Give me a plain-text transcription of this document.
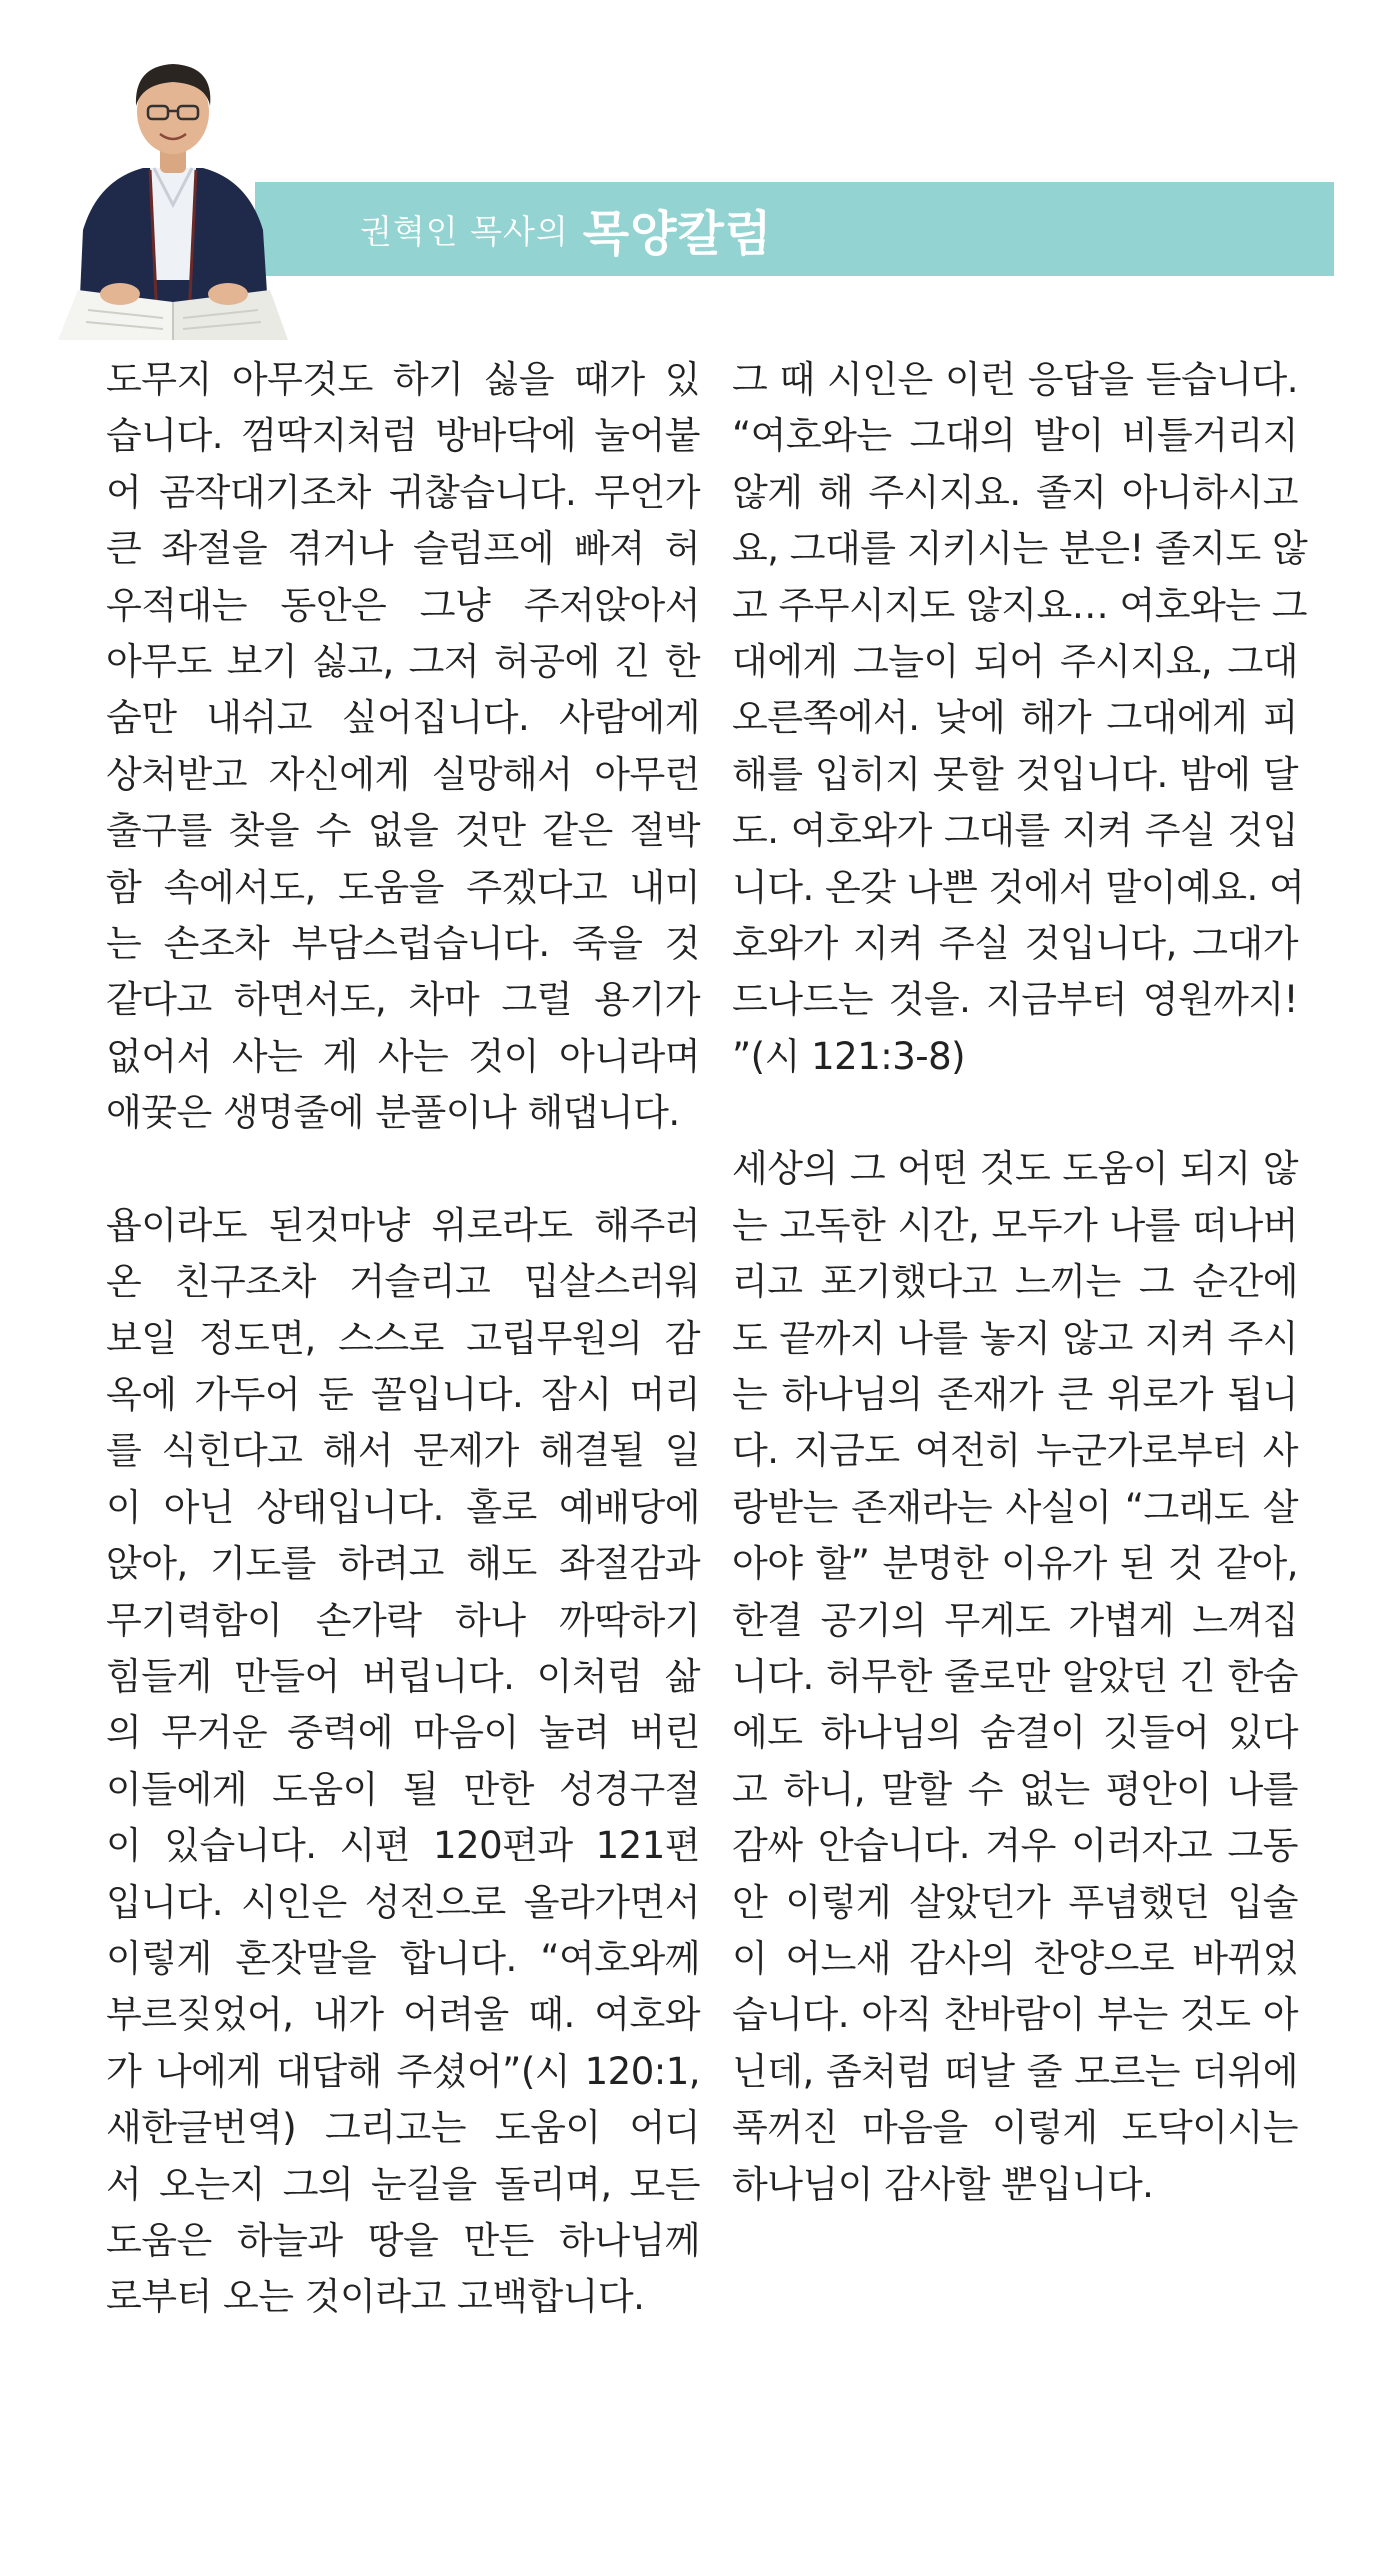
권혁인 목사의 목양칼럼
도무지 아무것도 하기 싫을 때가 있
습니다. 껌딱지처럼 방바닥에 눌어붙
어 곰작대기조차 귀찮습니다. 무언가
큰 좌절을 겪거나 슬럼프에 빠져 허
우적대는 동안은 그냥 주저앉아서
아무도 보기 싫고, 그저 허공에 긴 한
숨만 내쉬고 싶어집니다. 사람에게
상처받고 자신에게 실망해서 아무런
출구를 찾을 수 없을 것만 같은 절박
함 속에서도, 도움을 주겠다고 내미
는 손조차 부담스럽습니다. 죽을 것
같다고 하면서도, 차마 그럴 용기가
없어서 사는 게 사는 것이 아니라며
애꿎은 생명줄에 분풀이나 해댑니다.
욥이라도 된것마냥 위로라도 해주러
온 친구조차 거슬리고 밉살스러워
보일 정도면, 스스로 고립무원의 감
옥에 가두어 둔 꼴입니다. 잠시 머리
를 식힌다고 해서 문제가 해결될 일
이 아닌 상태입니다. 홀로 예배당에
앉아, 기도를 하려고 해도 좌절감과
무기력함이 손가락 하나 까딱하기
힘들게 만들어 버립니다. 이처럼 삶
의 무거운 중력에 마음이 눌려 버린
이들에게 도움이 될 만한 성경구절
이 있습니다. 시편 120편과 121편
입니다. 시인은 성전으로 올라가면서
이렇게 혼잣말을 합니다. “여호와께
부르짖었어, 내가 어려울 때. 여호와
가 나에게 대답해 주셨어”(시 120:1,
새한글번역) 그리고는 도움이 어디
서 오는지 그의 눈길을 돌리며, 모든
도움은 하늘과 땅을 만든 하나님께
로부터 오는 것이라고 고백합니다.
그 때 시인은 이런 응답을 듣습니다.
“여호와는 그대의 발이 비틀거리지
않게 해 주시지요. 졸지 아니하시고
요, 그대를 지키시는 분은! 졸지도 않
고 주무시지도 않지요… 여호와는 그
대에게 그늘이 되어 주시지요, 그대
오른쪽에서. 낮에 해가 그대에게 피
해를 입히지 못할 것입니다. 밤에 달
도. 여호와가 그대를 지켜 주실 것입
니다. 온갖 나쁜 것에서 말이예요. 여
호와가 지켜 주실 것입니다, 그대가
드나드는 것을. 지금부터 영원까지!
”(시 121:3-8)
세상의 그 어떤 것도 도움이 되지 않
는 고독한 시간, 모두가 나를 떠나버
리고 포기했다고 느끼는 그 순간에
도 끝까지 나를 놓지 않고 지켜 주시
는 하나님의 존재가 큰 위로가 됩니
다. 지금도 여전히 누군가로부터 사
랑받는 존재라는 사실이 “그래도 살
아야 할” 분명한 이유가 된 것 같아,
한결 공기의 무게도 가볍게 느껴집
니다. 허무한 줄로만 알았던 긴 한숨
에도 하나님의 숨결이 깃들어 있다
고 하니, 말할 수 없는 평안이 나를
감싸 안습니다. 겨우 이러자고 그동
안 이렇게 살았던가 푸념했던 입술
이 어느새 감사의 찬양으로 바뀌었
습니다. 아직 찬바람이 부는 것도 아
닌데, 좀처럼 떠날 줄 모르는 더위에
푹꺼진 마음을 이렇게 도닥이시는
하나님이 감사할 뿐입니다.
